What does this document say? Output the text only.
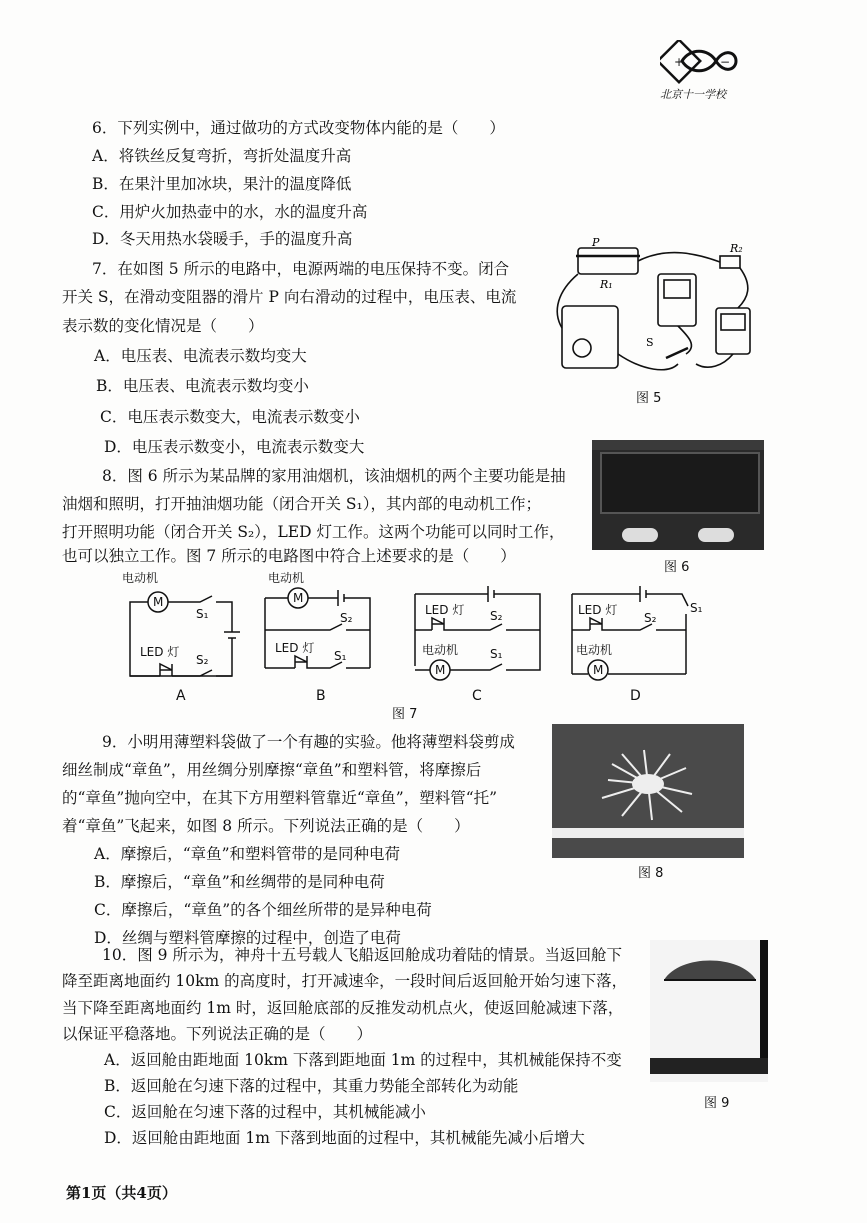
+	−
北京十一学校
6．下列实例中，通过做功的方式改变物体内能的是（　　）
A．将铁丝反复弯折，弯折处温度升高
B．在果汁里加冰块，果汁的温度降低
C．用炉火加热壶中的水，水的温度升高
D．冬天用热水袋暖手，手的温度升高
7．在如图 5 所示的电路中，电源两端的电压保持不变。闭合
开关 S，在滑动变阻器的滑片 P 向右滑动的过程中，电压表、电流
表示数的变化情况是（　　）
A．电压表、电流表示数均变大
B．电压表、电流表示数均变小
C．电压表示数变大，电流表示数变小
D．电压表示数变小，电流表示数变大
P
R₁
R₂
S
图 5
图 6
8．图 6 所示为某品牌的家用油烟机，该油烟机的两个主要功能是抽
油烟和照明，打开抽油烟功能（闭合开关 S₁），其内部的电动机工作；
打开照明功能（闭合开关 S₂），LED 灯工作。这两个功能可以同时工作，
也可以独立工作。图 7 所示的电路图中符合上述要求的是（　　）
电动机
M
S₁
LED 灯
S₂
电动机
M
S₂
LED 灯
S₁
LED 灯 S₂
电动机	S₁
M
LED 灯
S₂
S₁
电动机
M
A	B	C	D
图 7
9．小明用薄塑料袋做了一个有趣的实验。他将薄塑料袋剪成
细丝制成“章鱼”，用丝绸分别摩擦“章鱼”和塑料管，将摩擦后
的“章鱼”抛向空中，在其下方用塑料管靠近“章鱼”，塑料管“托”
着“章鱼”飞起来，如图 8 所示。下列说法正确的是（　　）
A．摩擦后，“章鱼”和塑料管带的是同种电荷
B．摩擦后，“章鱼”和丝绸带的是同种电荷
C．摩擦后，“章鱼”的各个细丝所带的是异种电荷
D．丝绸与塑料管摩擦的过程中，创造了电荷
图 8
10．图 9 所示为，神舟十五号载人飞船返回舱成功着陆的情景。当返回舱下
降至距离地面约 10km 的高度时，打开减速伞，一段时间后返回舱开始匀速下落，
当下降至距离地面约 1m 时，返回舱底部的反推发动机点火，使返回舱减速下落，
以保证平稳落地。下列说法正确的是（　　）
A．返回舱由距地面 10km 下落到距地面 1m 的过程中，其机械能保持不变
B．返回舱在匀速下落的过程中，其重力势能全部转化为动能
C．返回舱在匀速下落的过程中，其机械能减小
D．返回舱由距地面 1m 下落到地面的过程中，其机械能先减小后增大
图 9
第1页（共4页）
